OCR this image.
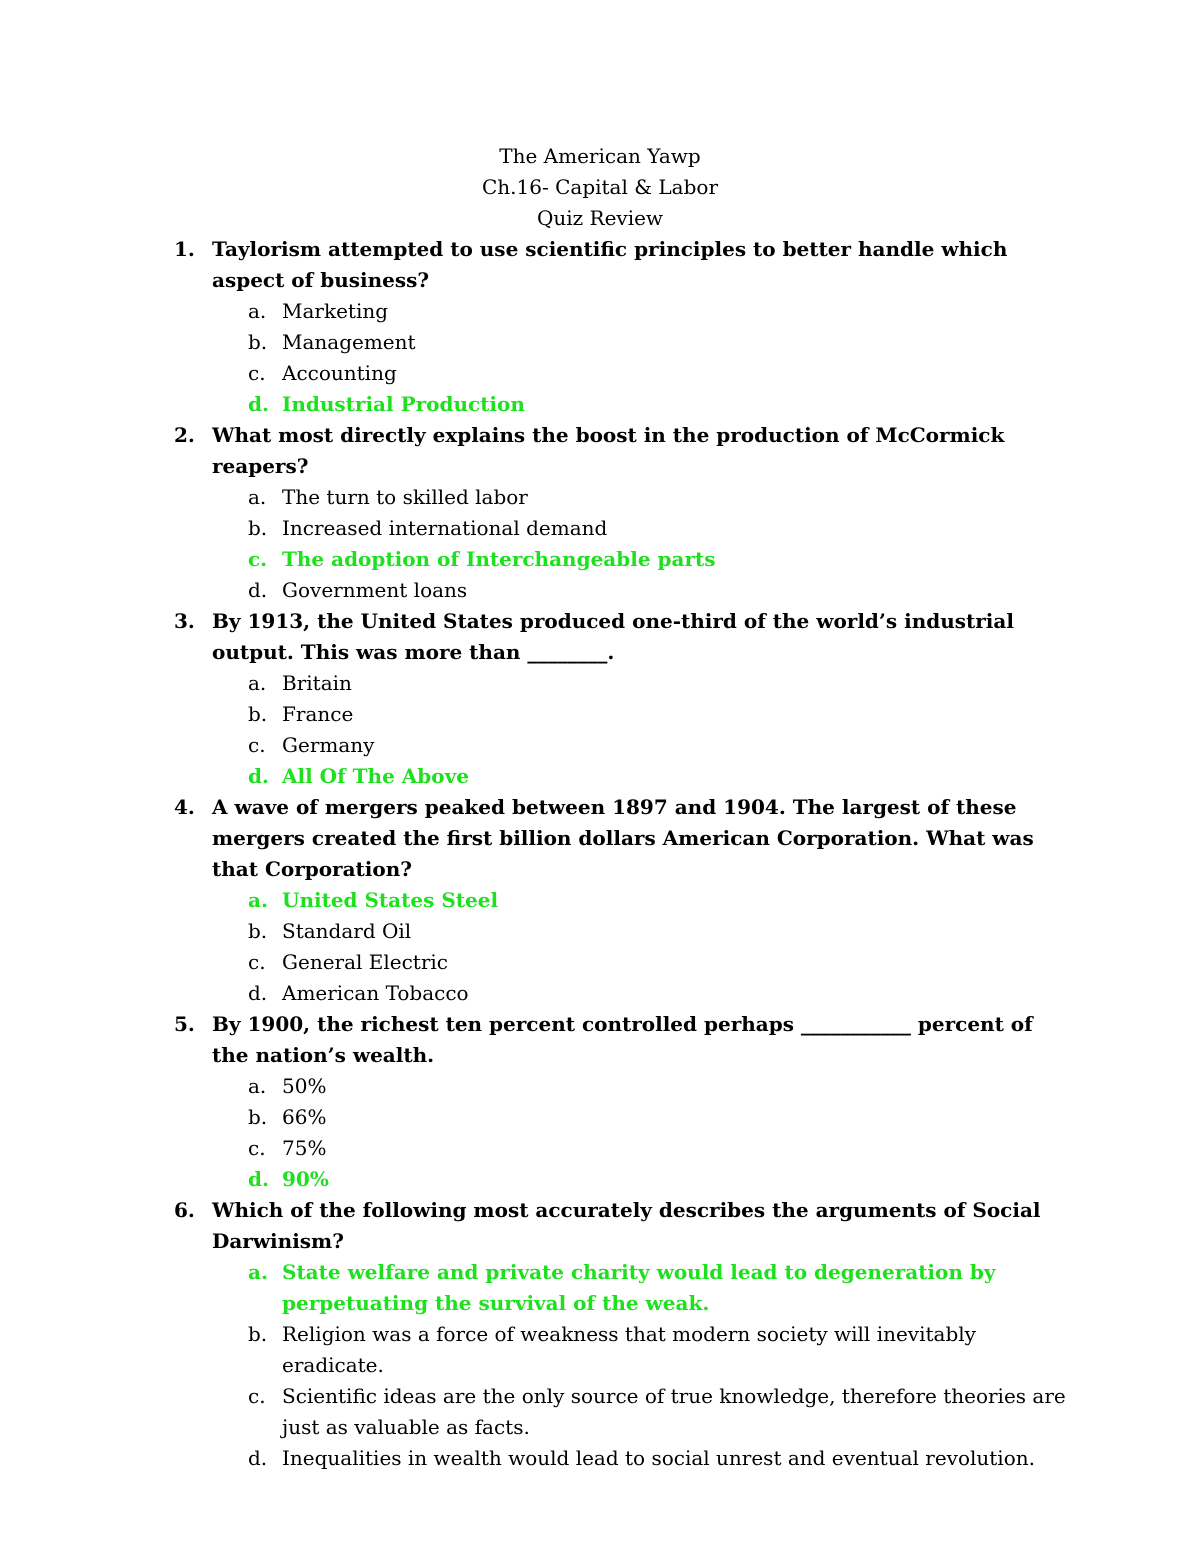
The American Yawp
Ch.16- Capital & Labor
Quiz Review
1. Taylorism attempted to use scientific principles to better handle which aspect of business?
a. Marketing
b. Management
c. Accounting
d. Industrial Production
2. What most directly explains the boost in the production of McCormick reapers?
a. The turn to skilled labor
b. Increased international demand
c. The adoption of Interchangeable parts
d. Government loans
3. By 1913, the United States produced one-third of the world’s industrial output. This was more than ________.
a. Britain
b. France
c. Germany
d. All Of The Above
4. A wave of mergers peaked between 1897 and 1904. The largest of these mergers created the first billion dollars American Corporation. What was that Corporation?
a. United States Steel
b. Standard Oil
c. General Electric
d. American Tobacco
5. By 1900, the richest ten percent controlled perhaps ___________ percent of the nation’s wealth.
a. 50%
b. 66%
c. 75%
d. 90%
6. Which of the following most accurately describes the arguments of Social Darwinism?
a. State welfare and private charity would lead to degeneration by perpetuating the survival of the weak.
b. Religion was a force of weakness that modern society will inevitably eradicate.
c. Scientific ideas are the only source of true knowledge, therefore theories are just as valuable as facts.
d. Inequalities in wealth would lead to social unrest and eventual revolution.
